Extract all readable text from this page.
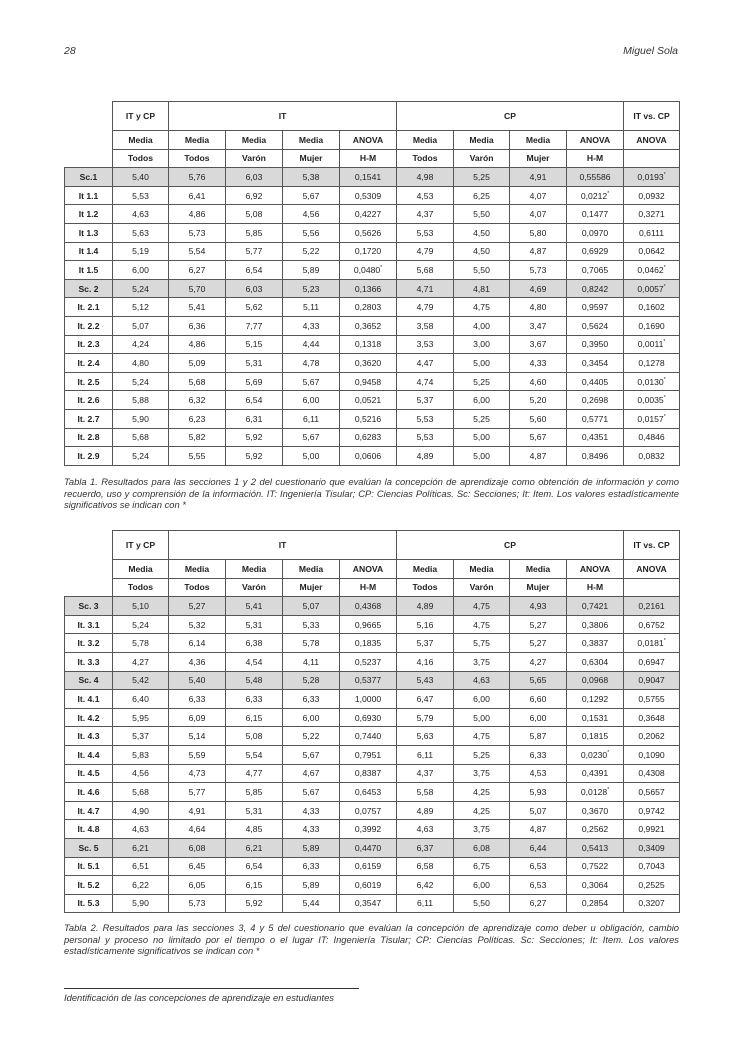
28	Miguel Sola
	IT y CP	IT				CP				IT vs. CP
	Media	Media	Media	Media	ANOVA	Media	Media	Media	ANOVA	ANOVA
	Todos	Todos	Varón	Mujer	H-M	Todos	Varón	Mujer	H-M	
Sc.1	5,40	5,76	6,03	5,38	0,1541	4,98	5,25	4,91	0,55586	0,0193*
It 1.1	5,53	6,41	6,92	5,67	0,5309	4,53	6,25	4,07	0,0212*	0,0932
It 1.2	4,63	4,86	5,08	4,56	0,4227	4,37	5,50	4,07	0,1477	0,3271
It 1.3	5,63	5,73	5,85	5,56	0,5626	5,53	4,50	5,80	0,0970	0,6111
It 1.4	5,19	5,54	5,77	5,22	0,1720	4,79	4,50	4,87	0,6929	0,0642
It 1.5	6,00	6,27	6,54	5,89	0,0480*	5,68	5,50	5,73	0,7065	0,0462*
Sc. 2	5,24	5,70	6,03	5,23	0,1366	4,71	4,81	4,69	0,8242	0,0057*
It. 2.1	5,12	5,41	5,62	5,11	0,2803	4,79	4,75	4,80	0,9597	0,1602
It. 2.2	5,07	6,36	7,77	4,33	0,3652	3,58	4,00	3,47	0,5624	0,1690
It. 2.3	4,24	4,86	5,15	4,44	0,1318	3,53	3,00	3,67	0,3950	0,0011*
It. 2.4	4,80	5,09	5,31	4,78	0,3620	4,47	5,00	4,33	0,3454	0,1278
It. 2.5	5,24	5,68	5,69	5,67	0,9458	4,74	5,25	4,60	0,4405	0,0130*
It. 2.6	5,88	6,32	6,54	6,00	0,0521	5,37	6,00	5,20	0,2698	0,0035*
It. 2.7	5,90	6,23	6,31	6,11	0,5216	5,53	5,25	5,60	0,5771	0,0157*
It. 2.8	5,68	5,82	5,92	5,67	0,6283	5,53	5,00	5,67	0,4351	0,4846
It. 2.9	5,24	5,55	5,92	5,00	0,0606	4,89	5,00	4,87	0,8496	0,0832

Tabla 1. Resultados para las secciones 1 y 2 del cuestionario que evalúan la concepción de aprendizaje como obtención de información y como recuerdo, uso y comprensión de la información. IT: Ingeniería Tisular; CP: Ciencias Políticas. Sc: Secciones; It: Item. Los valores estadísticamente significativos se indican con *

	IT y CP	IT				CP				IT vs. CP
	Media	Media	Media	Media	ANOVA	Media	Media	Media	ANOVA	ANOVA
	Todos	Todos	Varón	Mujer	H-M	Todos	Varón	Mujer	H-M	
Sc. 3	5,10	5,27	5,41	5,07	0,4368	4,89	4,75	4,93	0,7421	0,2161
It. 3.1	5,24	5,32	5,31	5,33	0,9665	5,16	4,75	5,27	0,3806	0,6752
It. 3.2	5,78	6,14	6,38	5,78	0,1835	5,37	5,75	5,27	0,3837	0,0181*
It. 3.3	4,27	4,36	4,54	4,11	0,5237	4,16	3,75	4,27	0,6304	0,6947
Sc. 4	5,42	5,40	5,48	5,28	0,5377	5,43	4,63	5,65	0,0968	0,9047
It. 4.1	6,40	6,33	6,33	6,33	1,0000	6,47	6,00	6,60	0,1292	0,5755
It. 4.2	5,95	6,09	6,15	6,00	0,6930	5,79	5,00	6,00	0,1531	0,3648
It. 4.3	5,37	5,14	5,08	5,22	0,7440	5,63	4,75	5,87	0,1815	0,2062
It. 4.4	5,83	5,59	5,54	5,67	0,7951	6,11	5,25	6,33	0,0230*	0,1090
It. 4.5	4,56	4,73	4,77	4,67	0,8387	4,37	3,75	4,53	0,4391	0,4308
It. 4.6	5,68	5,77	5,85	5,67	0,6453	5,58	4,25	5,93	0,0128*	0,5657
It. 4.7	4,90	4,91	5,31	4,33	0,0757	4,89	4,25	5,07	0,3670	0,9742
It. 4.8	4,63	4,64	4,85	4,33	0,3992	4,63	3,75	4,87	0,2562	0,9921
Sc. 5	6,21	6,08	6,21	5,89	0,4470	6,37	6,08	6,44	0,5413	0,3409
It. 5.1	6,51	6,45	6,54	6,33	0,6159	6,58	6,75	6,53	0,7522	0,7043
It. 5.2	6,22	6,05	6,15	5,89	0,6019	6,42	6,00	6,53	0,3064	0,2525
It. 5.3	5,90	5,73	5,92	5,44	0,3547	6,11	5,50	6,27	0,2854	0,3207

Tabla 2. Resultados para las secciones 3, 4 y 5 del cuestionario que evalúan la concepción de aprendizaje como deber u obligación, cambio personal y proceso no limitado por el tiempo o el lugar IT: Ingeniería Tisular; CP: Ciencias Políticas. Sc: Secciones; It: Item. Los valores estadísticamente significativos se indican con *

Identificación de las concepciones de aprendizaje en estudiantes
